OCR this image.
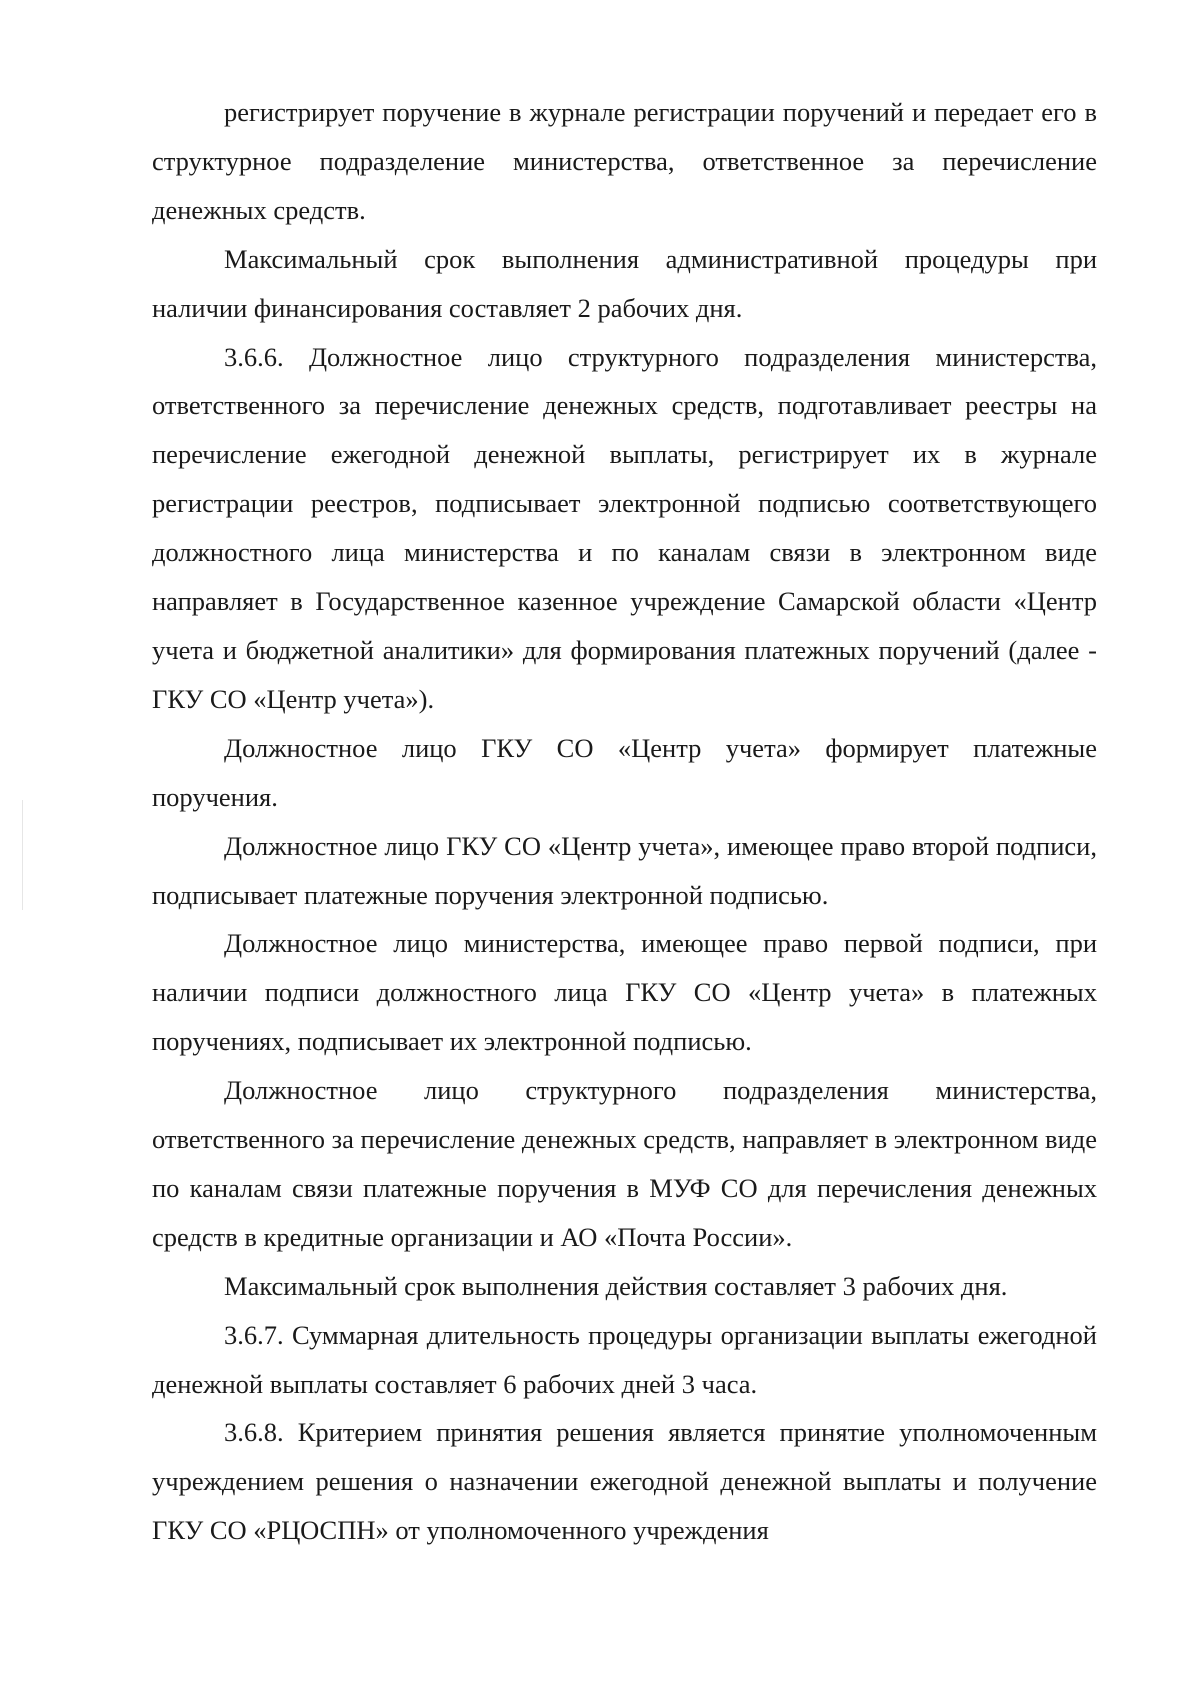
регистрирует поручение в журнале регистрации поручений и передает его в структурное подразделение министерства, ответственное за перечисление денежных средств.

Максимальный срок выполнения административной процедуры при наличии финансирования составляет 2 рабочих дня.

3.6.6. Должностное лицо структурного подразделения министерства, ответственного за перечисление денежных средств, подготавливает реестры на перечисление ежегодной денежной выплаты, регистрирует их в журнале регистрации реестров, подписывает электронной подписью соответствующего должностного лица министерства и по каналам связи в электронном виде направляет в Государственное казенное учреждение Самарской области «Центр учета и бюджетной аналитики» для формирования платежных поручений (далее - ГКУ СО «Центр учета»).

Должностное лицо ГКУ СО «Центр учета» формирует платежные поручения.

Должностное лицо ГКУ СО «Центр учета», имеющее право второй подписи, подписывает платежные поручения электронной подписью.

Должностное лицо министерства, имеющее право первой подписи, при наличии подписи должностного лица ГКУ СО «Центр учета» в платежных поручениях, подписывает их электронной подписью.

Должностное лицо структурного подразделения министерства, ответственного за перечисление денежных средств, направляет в электронном виде по каналам связи платежные поручения в МУФ СО для перечисления денежных средств в кредитные организации и АО «Почта России».

Максимальный срок выполнения действия составляет 3 рабочих дня.

3.6.7. Суммарная длительность процедуры организации выплаты ежегодной денежной выплаты составляет 6 рабочих дней 3 часа.

3.6.8. Критерием принятия решения является принятие уполномоченным учреждением решения о назначении ежегодной денежной выплаты и получение ГКУ СО «РЦОСПН» от уполномоченного учреждения
